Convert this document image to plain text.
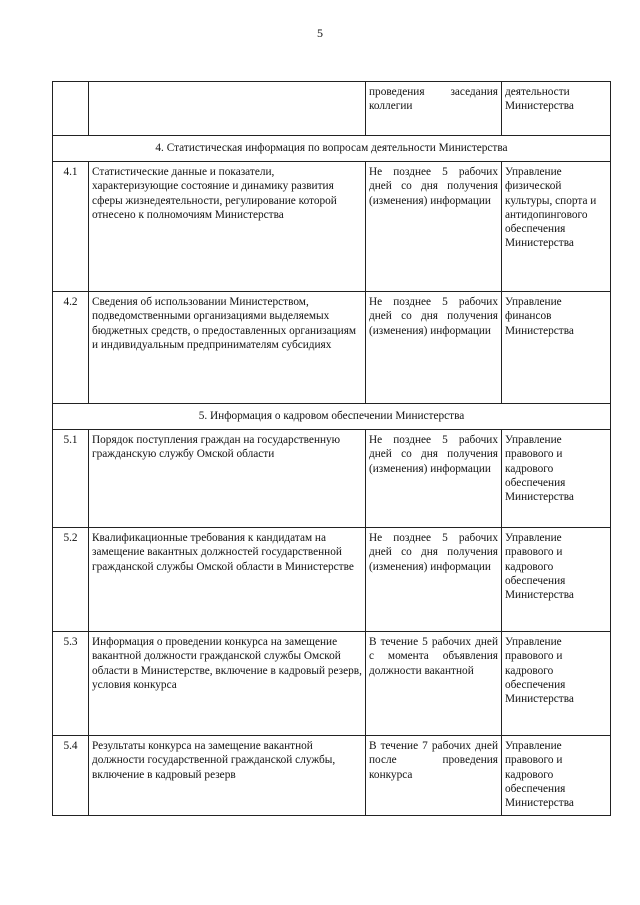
5
		проведения заседания коллегии	деятельности Министерства
4. Статистическая информация по вопросам деятельности Министерства			
4.1	Статистические данные и показатели, характеризующие состояние и динамику развития сферы жизнедеятельности, регулирование которой отнесено к полномочиям Министерства	Не позднее 5 рабочих дней со дня получения (изменения) информации	Управление физической культуры, спорта и антидопингового обеспечения Министерства
4.2	Сведения об использовании Министерством, подведомственными организациями выделяемых бюджетных средств, о предоставленных организациям и индивидуальным предпринимателям субсидиях	Не позднее 5 рабочих дней со дня получения (изменения) информации	Управление финансов Министерства
5. Информация о кадровом обеспечении Министерства			
5.1	Порядок поступления граждан на государственную гражданскую службу Омской области	Не позднее 5 рабочих дней со дня получения (изменения) информации	Управление правового и кадрового обеспечения Министерства
5.2	Квалификационные требования к кандидатам на замещение вакантных должностей государственной гражданской службы Омской области в Министерстве	Не позднее 5 рабочих дней со дня получения (изменения) информации	Управление правового и кадрового обеспечения Министерства
5.3	Информация о проведении конкурса на замещение вакантной должности гражданской службы Омской области в Министерстве, включение в кадровый резерв, условия конкурса	В течение 5 рабочих дней с момента объявления должности вакантной	Управление правового и кадрового обеспечения Министерства
5.4	Результаты конкурса на замещение вакантной должности государственной гражданской службы, включение в кадровый резерв	В течение 7 рабочих дней после проведения конкурса	Управление правового и кадрового обеспечения Министерства
